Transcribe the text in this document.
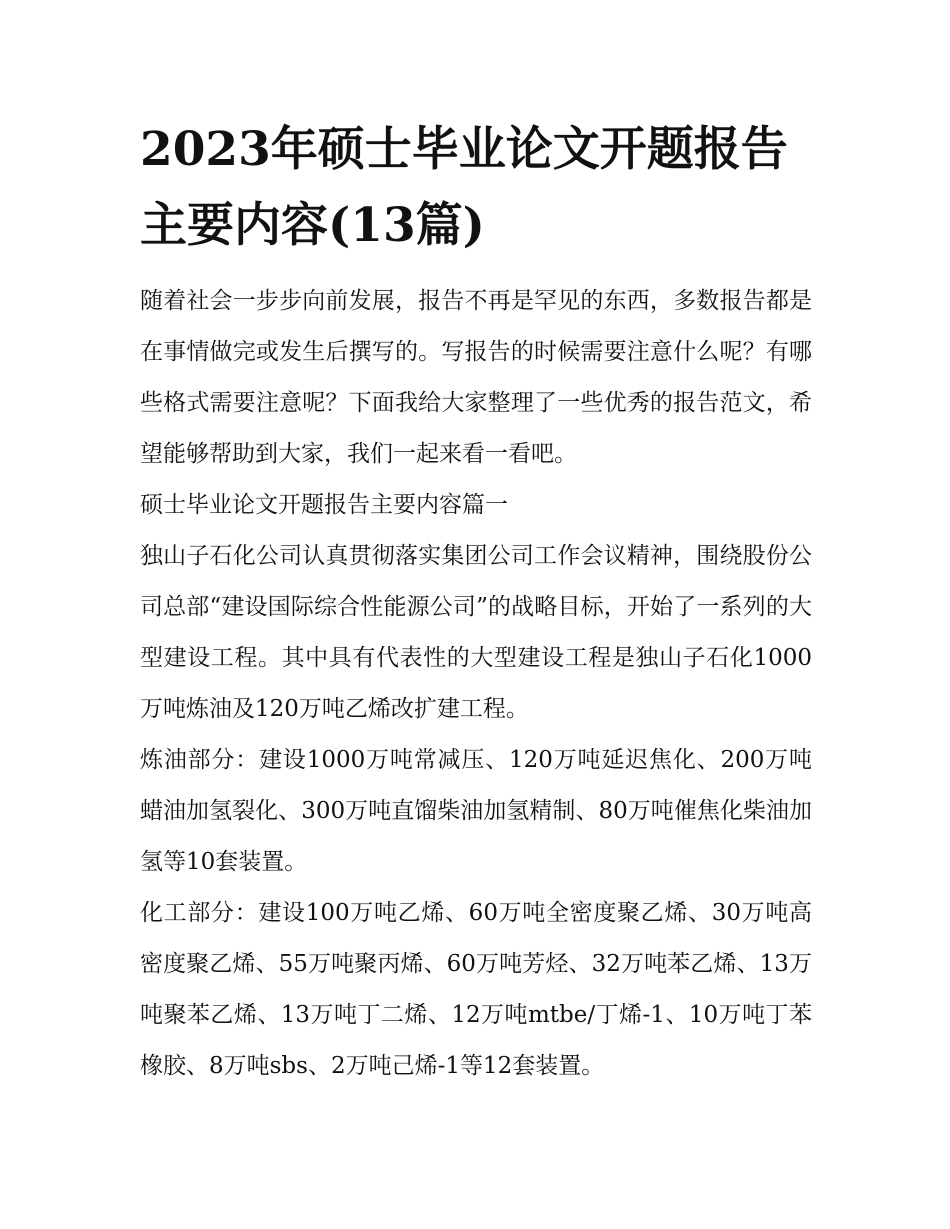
2023年硕士毕业论文开题报告主要内容(13篇)

随着社会一步步向前发展，报告不再是罕见的东西，多数报告都是在事情做完或发生后撰写的。写报告的时候需要注意什么呢？有哪些格式需要注意呢？下面我给大家整理了一些优秀的报告范文，希望能够帮助到大家，我们一起来看一看吧。

硕士毕业论文开题报告主要内容篇一

独山子石化公司认真贯彻落实集团公司工作会议精神，围绕股份公司总部“建设国际综合性能源公司”的战略目标，开始了一系列的大型建设工程。其中具有代表性的大型建设工程是独山子石化1000万吨炼油及120万吨乙烯改扩建工程。

炼油部分：建设1000万吨常减压、120万吨延迟焦化、200万吨蜡油加氢裂化、300万吨直馏柴油加氢精制、80万吨催焦化柴油加氢等10套装置。

化工部分：建设100万吨乙烯、60万吨全密度聚乙烯、30万吨高密度聚乙烯、55万吨聚丙烯、60万吨芳烃、32万吨苯乙烯、13万吨聚苯乙烯、13万吨丁二烯、12万吨mtbe/丁烯-1、10万吨丁苯橡胶、8万吨sbs、2万吨己烯-1等12套装置。
